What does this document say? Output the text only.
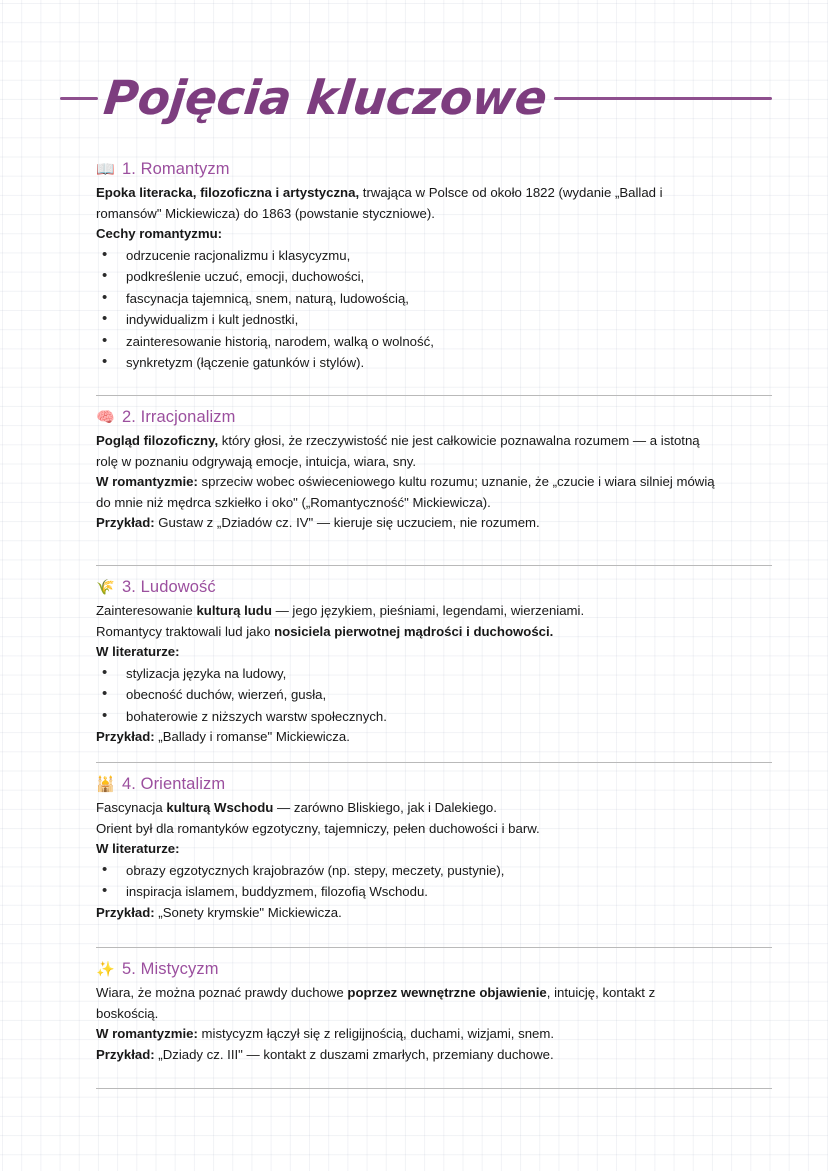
Pojęcia kluczowe
📖 1. Romantyzm

Epoka literacka, filozoficzna i artystyczna, trwająca w Polsce od około 1822 (wydanie „Ballad i

romansów" Mickiewicza) do 1863 (powstanie styczniowe).

Cechy romantyzmu:

• odrzucenie racjonalizmu i klasycyzmu,
• podkreślenie uczuć, emocji, duchowości,
• fascynacja tajemnicą, snem, naturą, ludowością,
• indywidualizm i kult jednostki,
• zainteresowanie historią, narodem, walką o wolność,
• synkretyzm (łączenie gatunków i stylów).
🧠 2. Irracjonalizm

Pogląd filozoficzny, który głosi, że rzeczywistość nie jest całkowicie poznawalna rozumem — a istotną

rolę w poznaniu odgrywają emocje, intuicja, wiara, sny.

W romantyzmie: sprzeciw wobec oświeceniowego kultu rozumu; uznanie, że „czucie i wiara silniej mówią

do mnie niż mędrca szkiełko i oko" („Romantyczność" Mickiewicza).

Przykład: Gustaw z „Dziadów cz. IV" — kieruje się uczuciem, nie rozumem.

🌾 3. Ludowość

Zainteresowanie kulturą ludu — jego językiem, pieśniami, legendami, wierzeniami.

Romantycy traktowali lud jako nosiciela pierwotnej mądrości i duchowości.

W literaturze:

• stylizacja języka na ludowy,
• obecność duchów, wierzeń, gusła,
• bohaterowie z niższych warstw społecznych.

Przykład: „Ballady i romanse" Mickiewicza.

🕌 4. Orientalizm

Fascynacja kulturą Wschodu — zarówno Bliskiego, jak i Dalekiego.

Orient był dla romantyków egzotyczny, tajemniczy, pełen duchowości i barw.

W literaturze:

• obrazy egzotycznych krajobrazów (np. stepy, meczety, pustynie),
• inspiracja islamem, buddyzmem, filozofią Wschodu.

Przykład: „Sonety krymskie" Mickiewicza.

✨ 5. Mistycyzm

Wiara, że można poznać prawdy duchowe poprzez wewnętrzne objawienie, intuicję, kontakt z

boskością.

W romantyzmie: mistycyzm łączył się z religijnością, duchami, wizjami, snem.

Przykład: „Dziady cz. III" — kontakt z duszami zmarłych, przemiany duchowe.
